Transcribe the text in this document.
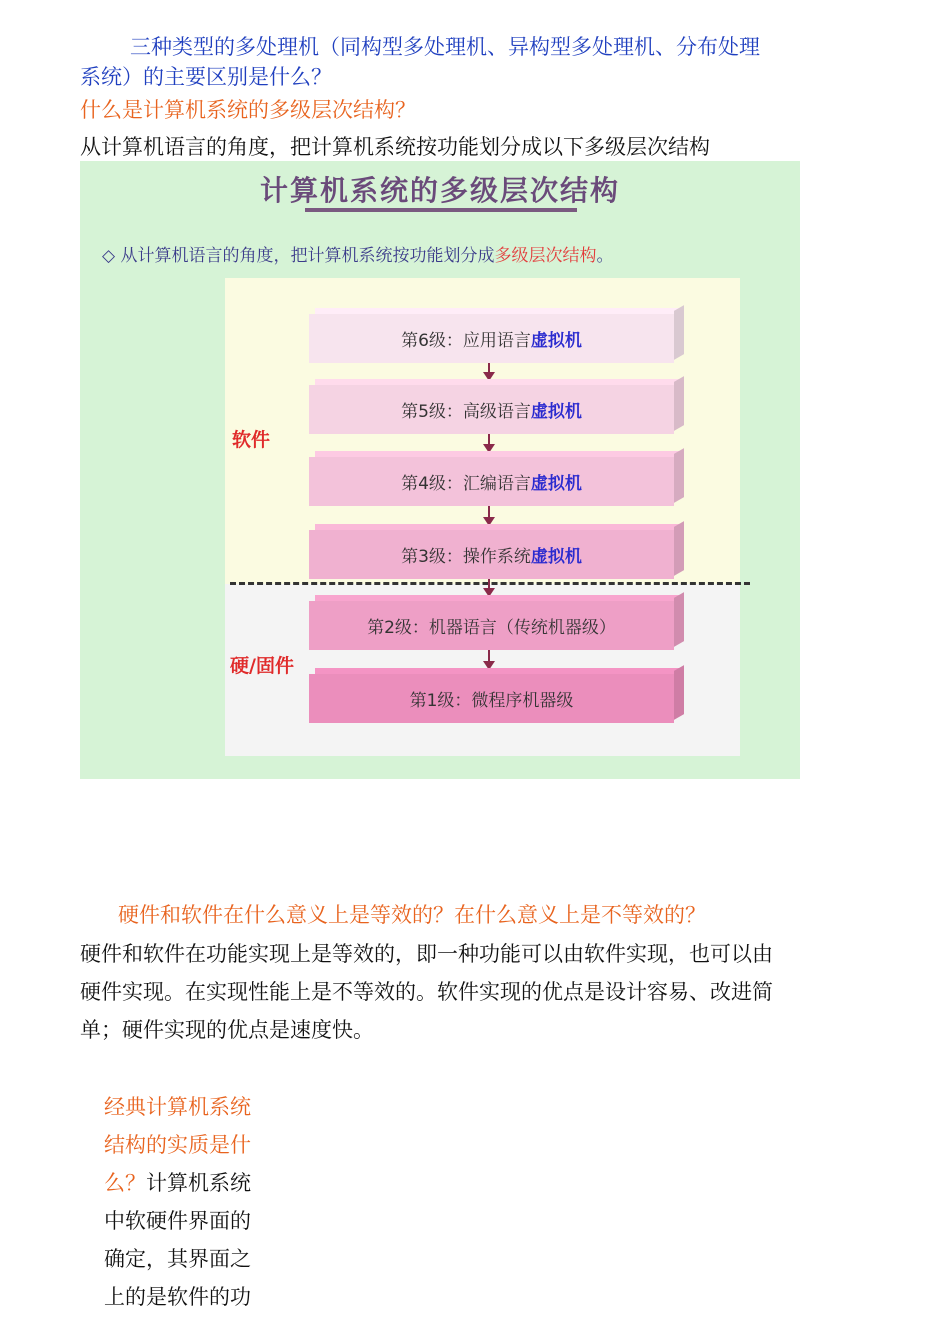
三种类型的多处理机（同构型多处理机、异构型多处理机、分布处理
系统）的主要区别是什么？
什么是计算机系统的多级层次结构？
从计算机语言的角度，把计算机系统按功能划分成以下多级层次结构
计算机系统的多级层次结构
◇ 从计算机语言的角度，把计算机系统按功能划分成多级层次结构。
软件
硬/固件
第6级：应用语言虚拟机
第5级：高级语言虚拟机
第4级：汇编语言虚拟机
第3级：操作系统虚拟机
第2级：机器语言（传统机器级）
第1级：微程序机器级
硬件和软件在什么意义上是等效的？在什么意义上是不等效的？
硬件和软件在功能实现上是等效的，即一种功能可以由软件实现，也可以由
硬件实现。在实现性能上是不等效的。软件实现的优点是设计容易、改进简
单；硬件实现的优点是速度快。
经典计算机系统
结构的实质是什
么？计算机系统
中软硬件界面的
确定，其界面之
上的是软件的功
